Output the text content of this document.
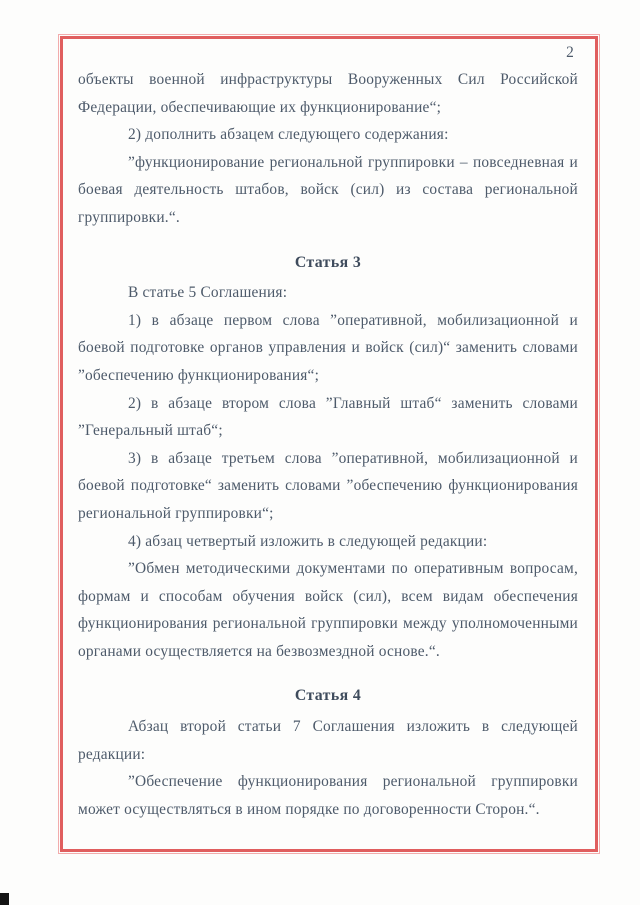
2

объекты военной инфраструктуры Вооруженных Сил Российской Федерации, обеспечивающие их функционирование“;

2) дополнить абзацем следующего содержания:

”функционирование региональной группировки – повседневная и боевая деятельность штабов, войск (сил) из состава региональной группировки.“.

Статья 3

В статье 5 Соглашения:

1) в абзаце первом слова ”оперативной, мобилизационной и боевой подготовке органов управления и войск (сил)“ заменить словами ”обеспечению функционирования“;

2) в абзаце втором слова ”Главный штаб“ заменить словами ”Генеральный штаб“;

3) в абзаце третьем слова ”оперативной, мобилизационной и боевой подготовке“ заменить словами ”обеспечению функционирования региональной группировки“;

4) абзац четвертый изложить в следующей редакции:

”Обмен методическими документами по оперативным вопросам, формам и способам обучения войск (сил), всем видам обеспечения функционирования региональной группировки между уполномоченными органами осуществляется на безвозмездной основе.“.

Статья 4

Абзац второй статьи 7 Соглашения изложить в следующей редакции:

”Обеспечение функционирования региональной группировки может осуществляться в ином порядке по договоренности Сторон.“.
